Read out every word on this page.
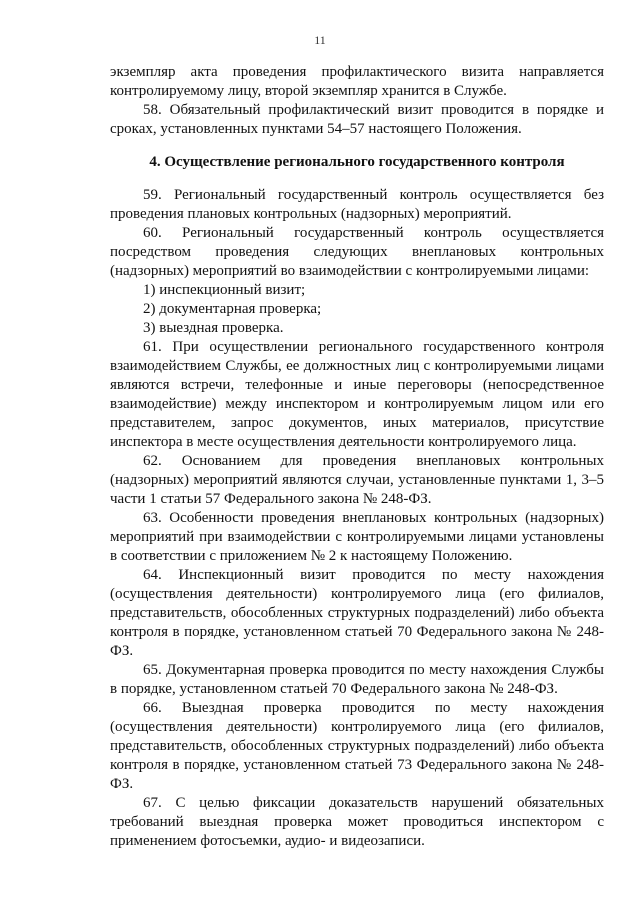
11

экземпляр акта проведения профилактического визита направляется контролируемому лицу, второй экземпляр хранится в Службе.

58. Обязательный профилактический визит проводится в порядке и сроках, установленных пунктами 54–57 настоящего Положения.

4. Осуществление регионального государственного контроля

59. Региональный государственный контроль осуществляется без проведения плановых контрольных (надзорных) мероприятий.

60. Региональный государственный контроль осуществляется посредством проведения следующих внеплановых контрольных (надзорных) мероприятий во взаимодействии с контролируемыми лицами:

1) инспекционный визит;

2) документарная проверка;

3) выездная проверка.

61. При осуществлении регионального государственного контроля взаимодействием Службы, ее должностных лиц с контролируемыми лицами являются встречи, телефонные и иные переговоры (непосредственное взаимодействие) между инспектором и контролируемым лицом или его представителем, запрос документов, иных материалов, присутствие инспектора в месте осуществления деятельности контролируемого лица.

62. Основанием для проведения внеплановых контрольных (надзорных) мероприятий являются случаи, установленные пунктами 1, 3–5 части 1 статьи 57 Федерального закона № 248-ФЗ.

63. Особенности проведения внеплановых контрольных (надзорных) мероприятий при взаимодействии с контролируемыми лицами установлены в соответствии с приложением № 2 к настоящему Положению.

64. Инспекционный визит проводится по месту нахождения (осуществления деятельности) контролируемого лица (его филиалов, представительств, обособленных структурных подразделений) либо объекта контроля в порядке, установленном статьей 70 Федерального закона № 248-ФЗ.

65. Документарная проверка проводится по месту нахождения Службы в порядке, установленном статьей 70 Федерального закона № 248-ФЗ.

66. Выездная проверка проводится по месту нахождения (осуществления деятельности) контролируемого лица (его филиалов, представительств, обособленных структурных подразделений) либо объекта контроля в порядке, установленном статьей 73 Федерального закона № 248-ФЗ.

67. С целью фиксации доказательств нарушений обязательных требований выездная проверка может проводиться инспектором с применением фотосъемки, аудио- и видеозаписи.
